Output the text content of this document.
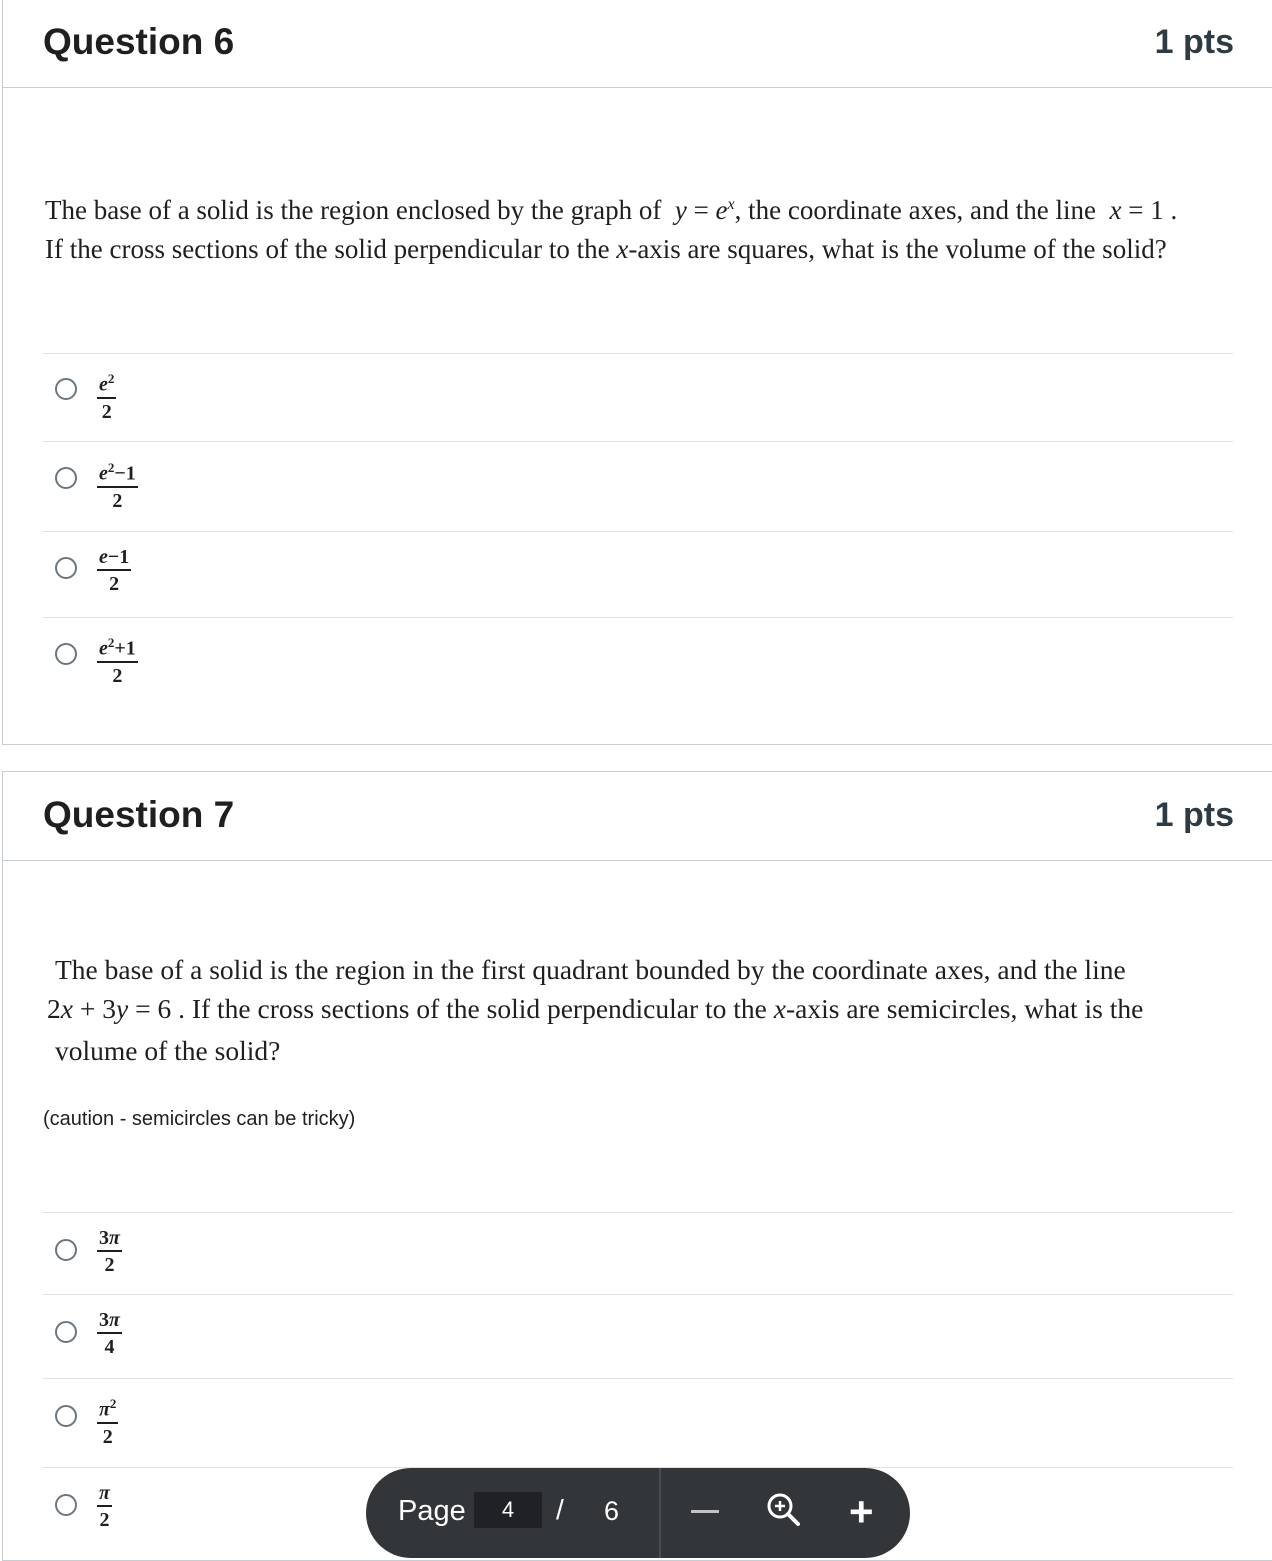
Question 6	1 pts
The base of a solid is the region enclosed by the graph of $y = e^x$, the coordinate axes, and the line x = 1 .
If the cross sections of the solid perpendicular to the x-axis are squares, what is the volume of the solid?
$\frac{e^2}{2}$
$\frac{e^2-1}{2}$
$\frac{e-1}{2}$
$\frac{e^2+1}{2}$
Question 7	1 pts
The base of a solid is the region in the first quadrant bounded by the coordinate axes, and the line
2x + 3y = 6 . If the cross sections of the solid perpendicular to the x-axis are semicircles, what is the
volume of the solid?
(caution - semicircles can be tricky)
$\frac{3\pi}{2}$
$\frac{3\pi}{4}$
$\frac{\pi^2}{2}$
$\frac{\pi}{2}$	Page	4	/ 6	+
